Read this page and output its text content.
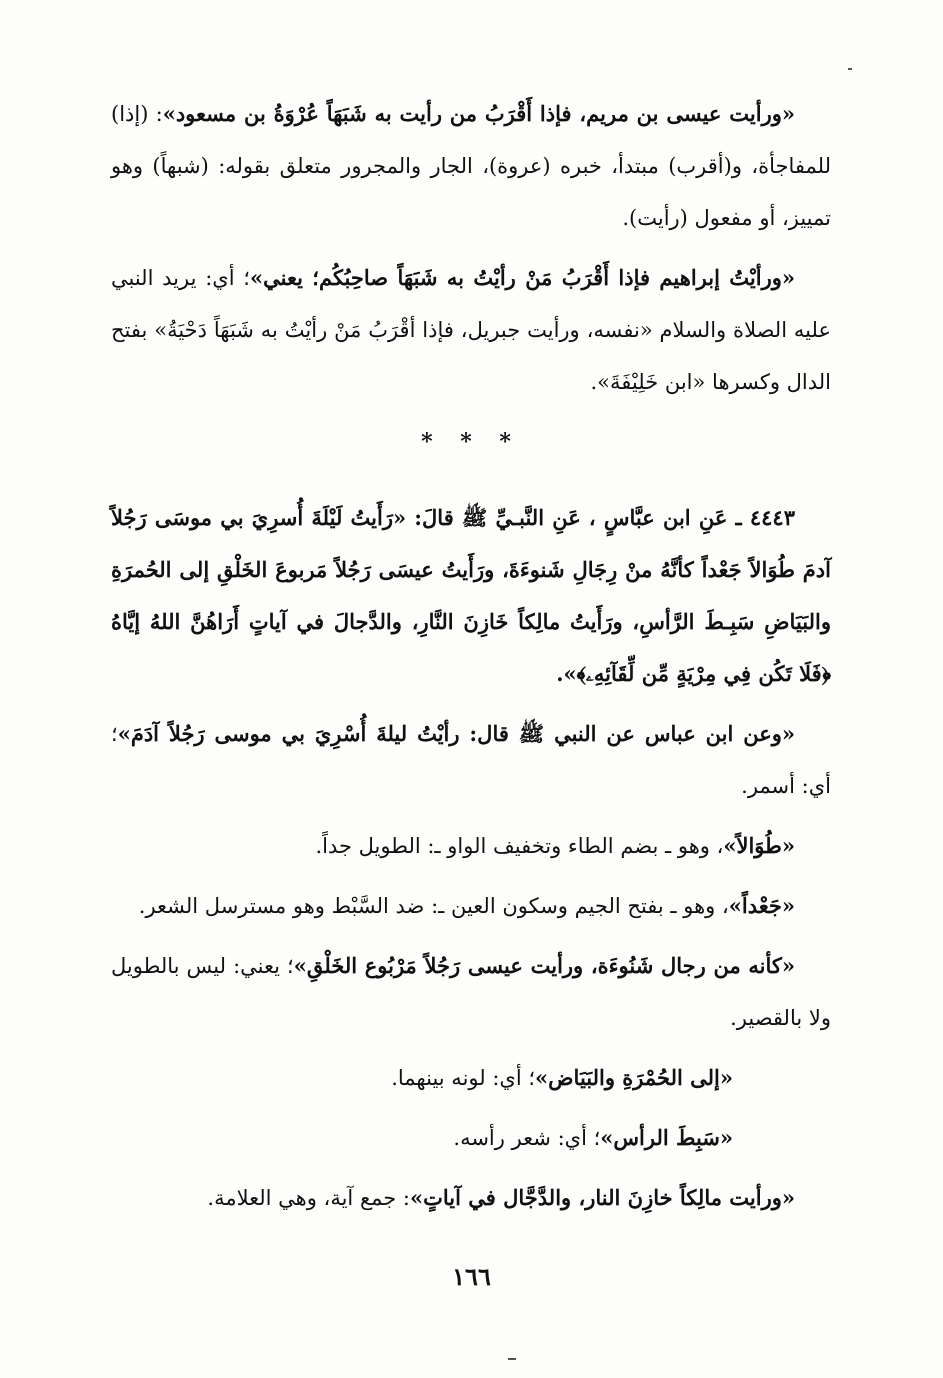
«ورأيت عيسى بن مريم، فإذا أَقْرَبُ من رأيت به شَبَهَاً عُرْوَةُ بن مسعود»: (إذا) للمفاجأة، و(أقرب) مبتدأ، خبره (عروة)، الجار والمجرور متعلق بقوله: (شبهاً) وهو تمييز، أو مفعول (رأيت).

«ورأيْتُ إبراهيم فإذا أَقْرَبُ مَنْ رأيْتُ به شَبَهَاً صاحِبُكُم؛ يعني»؛ أي: يريد النبي عليه الصلاة والسلام «نفسه، ورأيت جبريل، فإذا أقْرَبُ مَنْ رأيْتُ به شَبَهَاً دَحْيَةُ» بفتح الدال وكسرها «ابن خَلِيْفَةَ».

* * *

٤٤٤٣ ـ عَنِ ابن عبَّاسٍ ، عَنِ النَّبـيِّ ﷺ قالَ: «رَأَيتُ لَيْلَةَ أُسرِيَ بي موسَى رَجُلاً آدمَ طُوَالاً جَعْداً كأنَّهُ منْ رِجَالِ شَنوءَةَ، ورَأَيتُ عيسَى رَجُلاً مَربوعَ الخَلْقِ إلى الحُمرَةِ والبَيَاضِ سَبِـطَ الرَّأسِ، ورَأَيتُ مالِكاً خَازِنَ النَّارِ، والدَّجالَ في آياتٍ أَرَاهُنَّ اللهُ إيَّاهُ ﴿فَلَا تَكُن فِي مِرْيَةٍ مِّن لِّقَآئِهِۦ﴾».

«وعن ابن عباس عن النبي ﷺ قال: رأيْتُ ليلةَ أُسْرِيَ بي موسى رَجُلاً آدَمَ»؛ أي: أسمر.

«طُوَالاً»، وهو ـ بضم الطاء وتخفيف الواو ـ: الطويل جداً.

«جَعْداً»، وهو ـ بفتح الجيم وسكون العين ـ: ضد السَّبْط وهو مسترسل الشعر.

«كأنه من رجال شَنُوءَة، ورأيت عيسى رَجُلاً مَرْبُوع الخَلْقِ»؛ يعني: ليس بالطويل ولا بالقصير.

«إلى الحُمْرَةِ والبَيَاض»؛ أي: لونه بينهما.

«سَبِطَ الرأس»؛ أي: شعر رأسه.

«ورأيت مالِكاً خازِنَ النار، والدَّجَّال في آياتٍ»: جمع آية، وهي العلامة.

١٦٦
